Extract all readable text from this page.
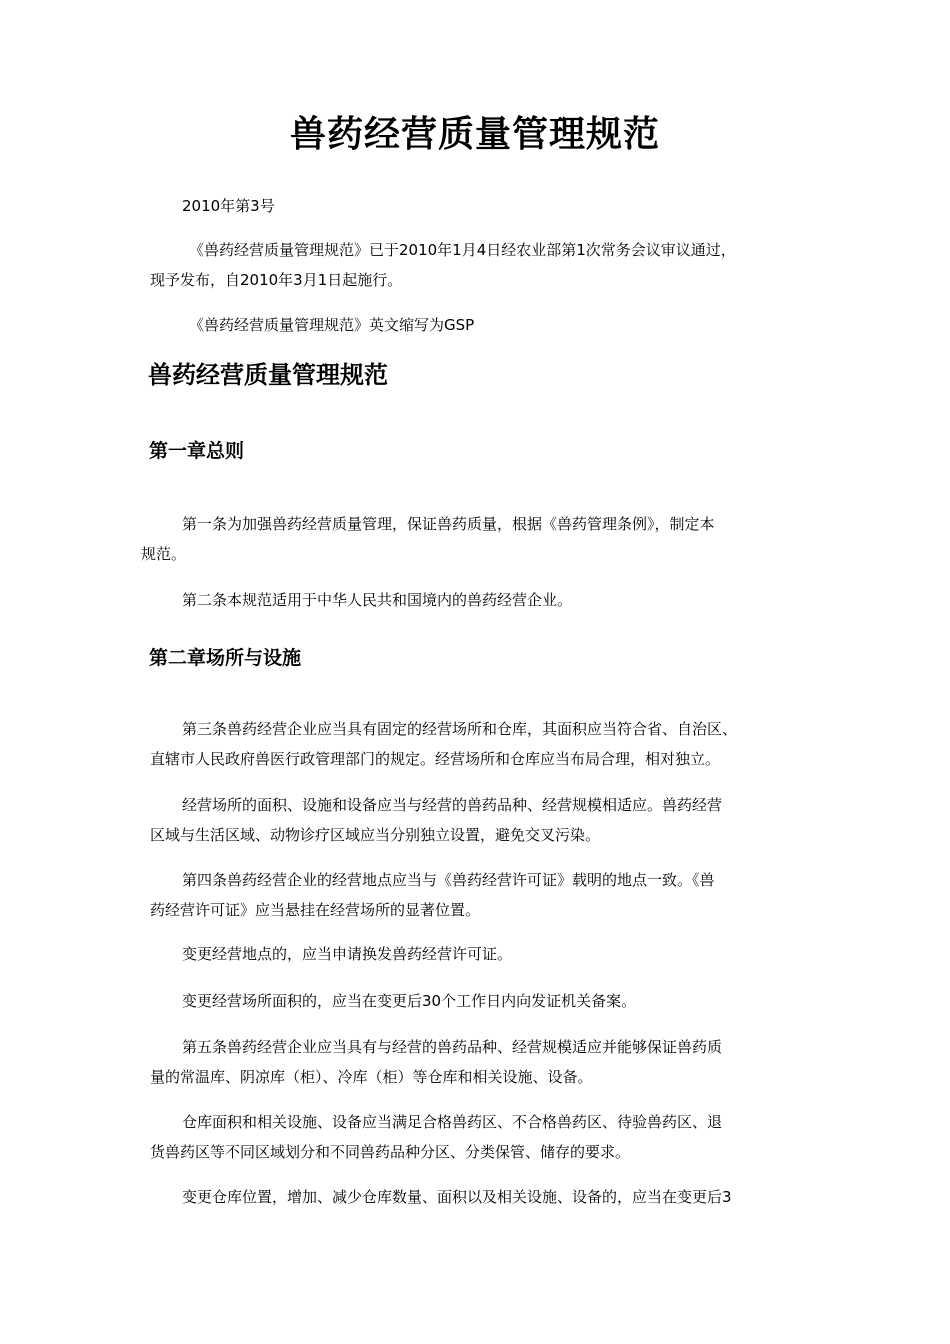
兽药经营质量管理规范

2010年第3号

《兽药经营质量管理规范》已于2010年1月4日经农业部第1次常务会议审议通过，

现予发布，自2010年3月1日起施行。

《兽药经营质量管理规范》英文缩写为GSP

兽药经营质量管理规范
第一章总则

第一条为加强兽药经营质量管理，保证兽药质量，根据《兽药管理条例》，制定本

规范。

第二条本规范适用于中华人民共和国境内的兽药经营企业。

第二章场所与设施

第三条兽药经营企业应当具有固定的经营场所和仓库，其面积应当符合省、自治区、

直辖市人民政府兽医行政管理部门的规定。经营场所和仓库应当布局合理，相对独立。

经营场所的面积、设施和设备应当与经营的兽药品种、经营规模相适应。兽药经营

区域与生活区域、动物诊疗区域应当分别独立设置，避免交叉污染。

第四条兽药经营企业的经营地点应当与《兽药经营许可证》载明的地点一致。《兽

药经营许可证》应当悬挂在经营场所的显著位置。

变更经营地点的，应当申请换发兽药经营许可证。

变更经营场所面积的，应当在变更后30个工作日内向发证机关备案。

第五条兽药经营企业应当具有与经营的兽药品种、经营规模适应并能够保证兽药质

量的常温库、阴凉库（柜）、冷库（柜）等仓库和相关设施、设备。

仓库面积和相关设施、设备应当满足合格兽药区、不合格兽药区、待验兽药区、退

货兽药区等不同区域划分和不同兽药品种分区、分类保管、储存的要求。

变更仓库位置，增加、减少仓库数量、面积以及相关设施、设备的，应当在变更后3
